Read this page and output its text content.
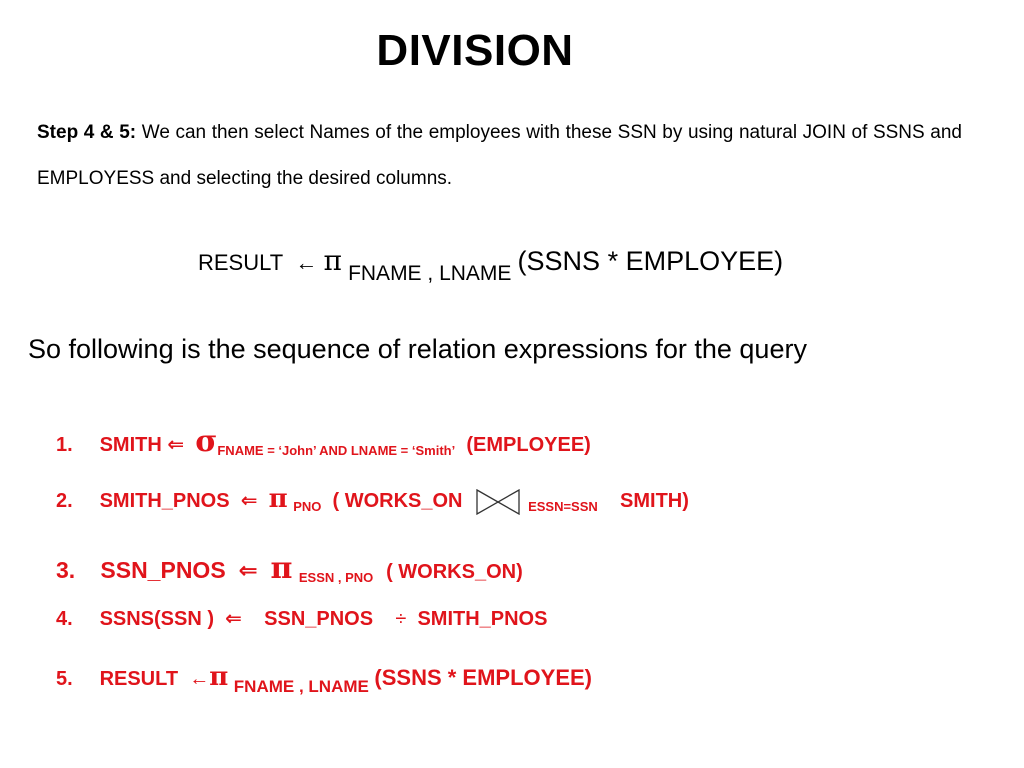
DIVISION
Step 4 & 5: We can then select Names of the employees with these SSN by using natural JOIN of SSNS and EMPLOYESS and selecting the desired columns.
RESULT ← π FNAME , LNAME (SSNS * EMPLOYEE)
So following is the sequence of relation expressions for the query
1. SMITH ⇐ $\sigma_{FNAME = ‘John’ AND LNAME = ‘Smith’}$ (EMPLOYEE)
2. SMITH_PNOS ⇐ π $_{PNO}$ ( WORKS_ON	$_{ESSN=SSN}$ SMITH)
3. SSN_PNOS ⇐ π ESSN , PNO ( WORKS_ON)
4. SSNS(SSN ) ⇐ SSN_PNOS ÷ SMITH_PNOS
5. RESULT ←π $_{FNAME , LNAME}$ (SSNS * EMPLOYEE)
